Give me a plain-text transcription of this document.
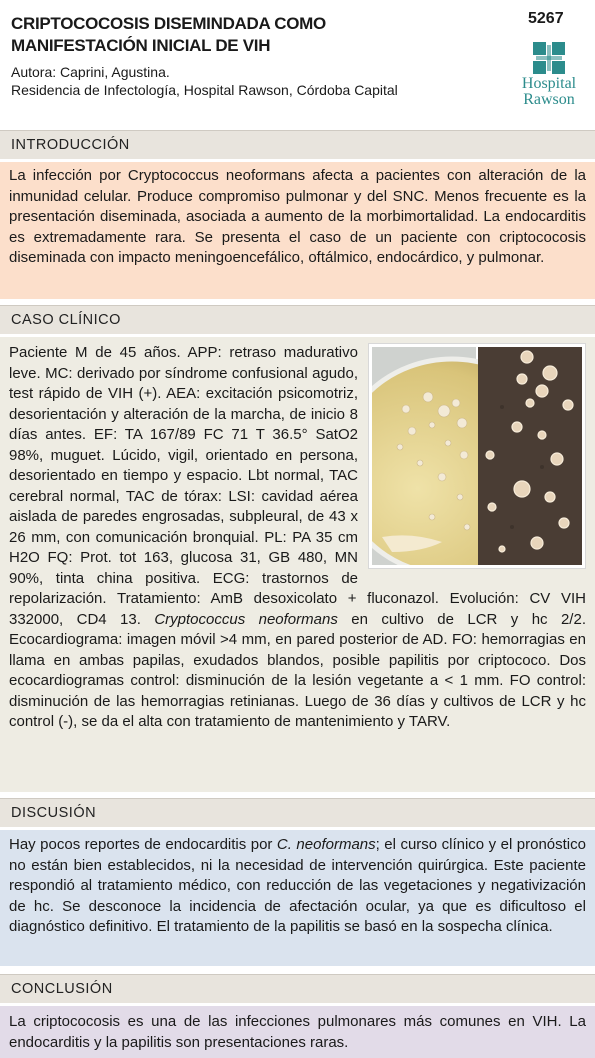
CRIPTOCOCOSIS DISEMINDADA COMO
MANIFESTACIÓN INICIAL DE VIH
Autora: Caprini, Agustina.
Residencia de Infectología, Hospital Rawson, Córdoba Capital
5267
Hospital
Rawson
INTRODUCCIÓN

La infección por Cryptococcus neoformans afecta a pacientes con alteración de la inmunidad celular. Produce compromiso pulmonar y del SNC. Menos frecuente es la presentación diseminada, asociada a aumento de la morbimortalidad. La endocarditis es extremadamente rara. Se presenta el caso de un paciente con criptococosis diseminada con impacto meningoencefálico, oftálmico, endocárdico, y pulmonar.

CASO CLÍNICO

Paciente M de 45 años. APP: retraso madurativo leve. MC: derivado por síndrome confusional agudo, test rápido de VIH (+). AEA: excitación psicomotriz, desorientación y alteración de la marcha, de inicio 8 días antes. EF: TA 167/89 FC 71 T 36.5° SatO2 98%, muguet. Lúcido, vigil, orientado en persona, desorientado en tiempo y espacio. Lbt normal, TAC cerebral normal, TAC de tórax: LSI: cavidad aérea aislada de paredes engrosadas, subpleural, de 43 x 26 mm, con comunicación bronquial. PL: PA 35 cm H2O FQ: Prot. tot 163, glucosa 31, GB 480, MN 90%, tinta china positiva. ECG: trastornos de repolarización. Tratamiento: AmB desoxicolato + fluconazol. Evolución: CV VIH 332000, CD4 13. Cryptococcus neoformans en cultivo de LCR y hc 2/2. Ecocardiograma: imagen móvil >4 mm, en pared posterior de AD. FO: hemorragias en llama en ambas papilas, exudados blandos, posible papilitis por criptococo. Dos ecocardiogramas control: disminución de la lesión vegetante a < 1 mm. FO control: disminución de las hemorragias retinianas. Luego de 36 días y cultivos de LCR y hc control (-), se da el alta con tratamiento de mantenimiento y TARV.

DISCUSIÓN

Hay pocos reportes de endocarditis por C. neoformans; el curso clínico y el pronóstico no están bien establecidos, ni la necesidad de intervención quirúrgica. Este paciente respondió al tratamiento médico, con reducción de las vegetaciones y negativización de hc. Se desconoce la incidencia de afectación ocular, ya que es dificultoso el diagnóstico definitivo. El tratamiento de la papilitis se basó en la sospecha clínica.

CONCLUSIÓN

La criptococosis es una de las infecciones pulmonares más comunes en VIH. La endocarditis y la papilitis son presentaciones raras.
